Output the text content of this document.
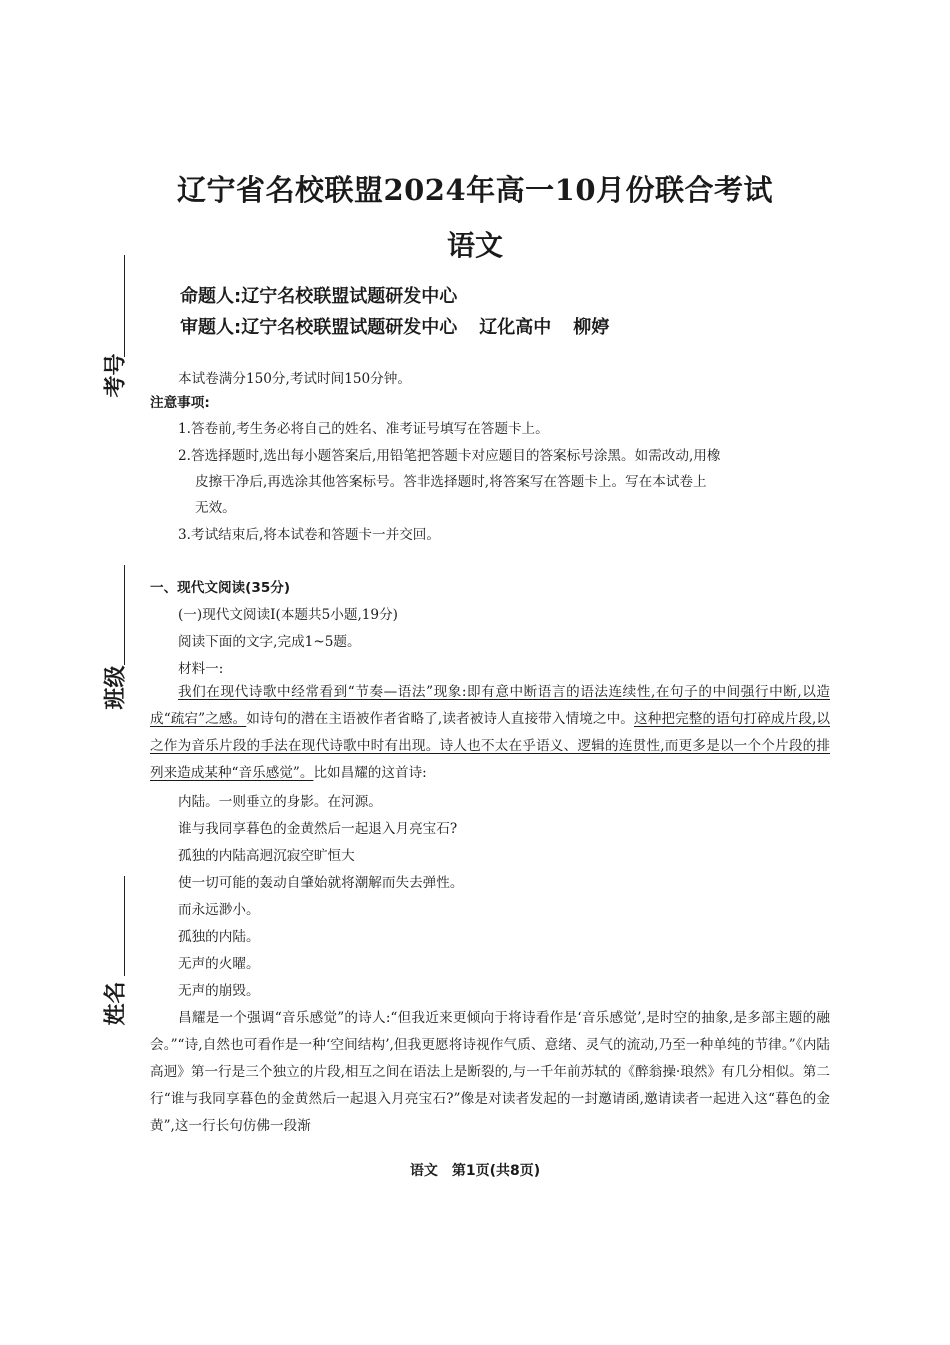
辽宁省名校联盟2024年高一10月份联合考试
语文
命题人:辽宁名校联盟试题研发中心
审题人:辽宁名校联盟试题研发中心 辽化高中 柳婷
考号
班级
姓名
本试卷满分150分,考试时间150分钟。
注意事项:
1.答卷前,考生务必将自己的姓名、准考证号填写在答题卡上。
2.答选择题时,选出每小题答案后,用铅笔把答题卡对应题目的答案标号涂黑。如需改动,用橡
皮擦干净后,再选涂其他答案标号。答非选择题时,将答案写在答题卡上。写在本试卷上
无效。
3.考试结束后,将本试卷和答题卡一并交回。
一、现代文阅读(35分)
(一)现代文阅读Ⅰ(本题共5小题,19分)
阅读下面的文字,完成1~5题。
材料一:
我们在现代诗歌中经常看到“节奏—语法”现象:即有意中断语言的语法连续性,在句子的中间强行中断,以造成“疏宕”之感。如诗句的潜在主语被作者省略了,读者被诗人直接带入情境之中。这种把完整的语句打碎成片段,以之作为音乐片段的手法在现代诗歌中时有出现。诗人也不太在乎语义、逻辑的连贯性,而更多是以一个个片段的排列来造成某种“音乐感觉”。比如昌耀的这首诗:
内陆。一则垂立的身影。在河源。
谁与我同享暮色的金黄然后一起退入月亮宝石?
孤独的内陆高迥沉寂空旷恒大
使一切可能的轰动自肇始就将潮解而失去弹性。
而永远渺小。
孤独的内陆。
无声的火曜。
无声的崩毁。
昌耀是一个强调“音乐感觉”的诗人:“但我近来更倾向于将诗看作是‘音乐感觉’,是时空的抽象,是多部主题的融会。”“诗,自然也可看作是一种‘空间结构’,但我更愿将诗视作气质、意绪、灵气的流动,乃至一种单纯的节律。”《内陆高迥》第一行是三个独立的片段,相互之间在语法上是断裂的,与一千年前苏轼的《醉翁操·琅然》有几分相似。第二行“谁与我同享暮色的金黄然后一起退入月亮宝石?”像是对读者发起的一封邀请函,邀请读者一起进入这“暮色的金黄”,这一行长句仿佛一段渐
语文　第1页(共8页)
